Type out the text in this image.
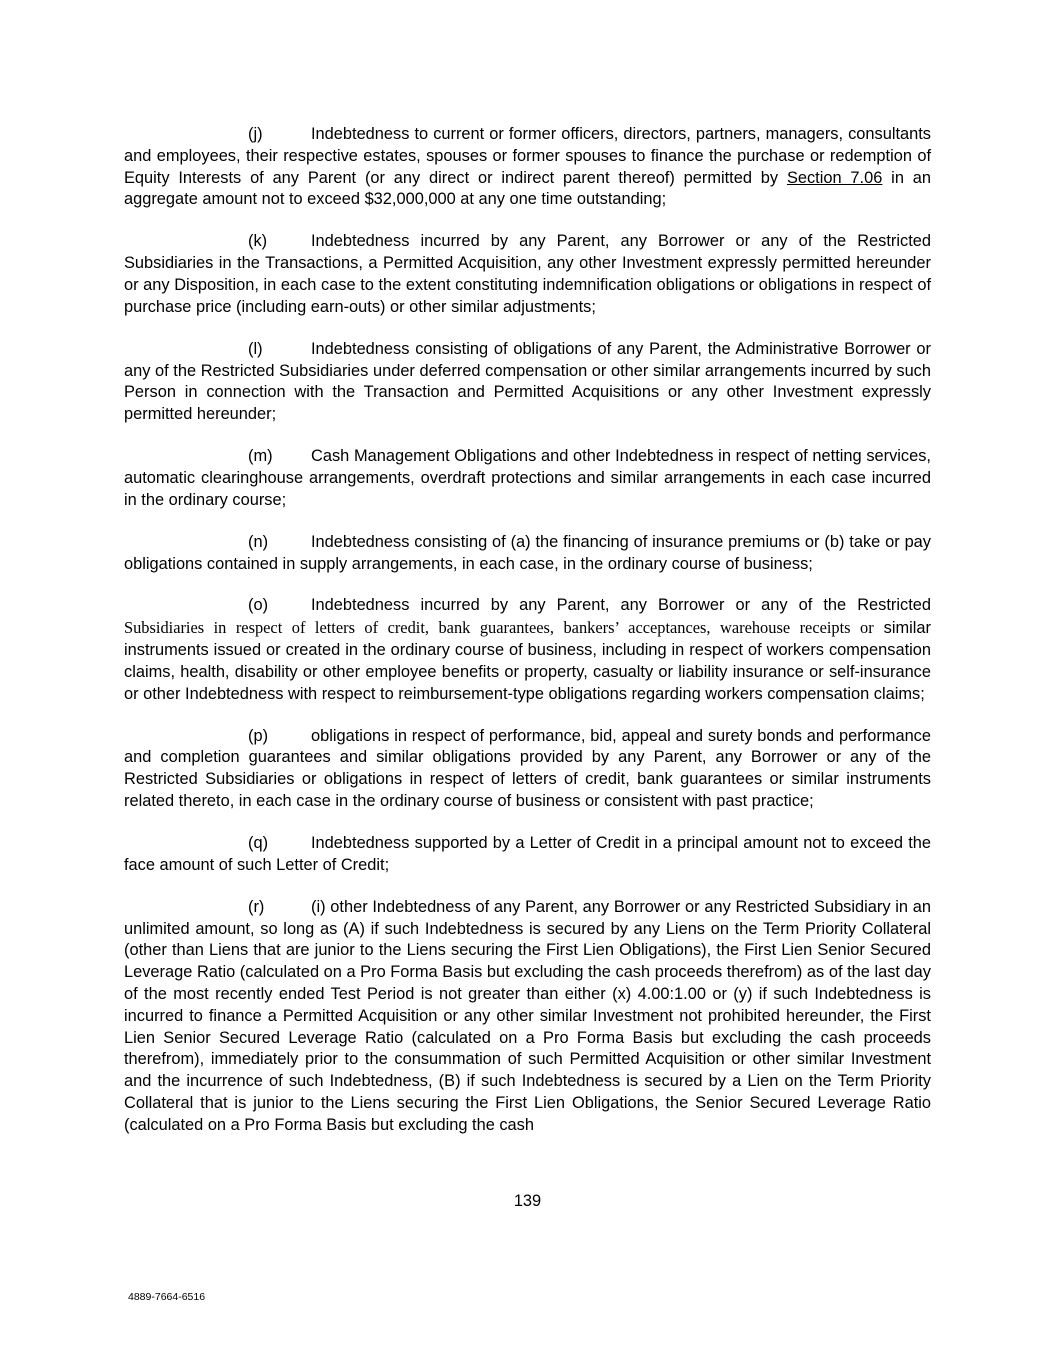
(j)	Indebtedness to current or former officers, directors, partners, managers, consultants and employees, their respective estates, spouses or former spouses to finance the purchase or redemption of Equity Interests of any Parent (or any direct or indirect parent thereof) permitted by Section 7.06 in an aggregate amount not to exceed $32,000,000 at any one time outstanding;

(k)	Indebtedness incurred by any Parent, any Borrower or any of the Restricted Subsidiaries in the Transactions, a Permitted Acquisition, any other Investment expressly permitted hereunder or any Disposition, in each case to the extent constituting indemnification obligations or obligations in respect of purchase price (including earn-outs) or other similar adjustments;

(l)	Indebtedness consisting of obligations of any Parent, the Administrative Borrower or any of the Restricted Subsidiaries under deferred compensation or other similar arrangements incurred by such Person in connection with the Transaction and Permitted Acquisitions or any other Investment expressly permitted hereunder;

(m) Cash Management Obligations and other Indebtedness in respect of netting services, automatic clearinghouse arrangements, overdraft protections and similar arrangements in each case incurred in the ordinary course;

(n)	Indebtedness consisting of (a) the financing of insurance premiums or (b) take or pay obligations contained in supply arrangements, in each case, in the ordinary course of business;

(o)	Indebtedness incurred by any Parent, any Borrower or any of the Restricted Subsidiaries in respect of letters of credit, bank guarantees, bankers’ acceptances, warehouse receipts or similar instruments issued or created in the ordinary course of business, including in respect of workers compensation claims, health, disability or other employee benefits or property, casualty or liability insurance or self-insurance or other Indebtedness with respect to reimbursement-type obligations regarding workers compensation claims;

(p)	obligations in respect of performance, bid, appeal and surety bonds and performance and completion guarantees and similar obligations provided by any Parent, any Borrower or any of the Restricted Subsidiaries or obligations in respect of letters of credit, bank guarantees or similar instruments related thereto, in each case in the ordinary course of business or consistent with past practice;

(q)	Indebtedness supported by a Letter of Credit in a principal amount not to exceed the face amount of such Letter of Credit;

(r)	(i) other Indebtedness of any Parent, any Borrower or any Restricted Subsidiary in an unlimited amount, so long as (A) if such Indebtedness is secured by any Liens on the Term Priority Collateral (other than Liens that are junior to the Liens securing the First Lien Obligations), the First Lien Senior Secured Leverage Ratio (calculated on a Pro Forma Basis but excluding the cash proceeds therefrom) as of the last day of the most recently ended Test Period is not greater than either (x) 4.00:1.00 or (y) if such Indebtedness is incurred to finance a Permitted Acquisition or any other similar Investment not prohibited hereunder, the First Lien Senior Secured Leverage Ratio (calculated on a Pro Forma Basis but excluding the cash proceeds therefrom), immediately prior to the consummation of such Permitted Acquisition or other similar Investment and the incurrence of such Indebtedness, (B) if such Indebtedness is secured by a Lien on the Term Priority Collateral that is junior to the Liens securing the First Lien Obligations, the Senior Secured Leverage Ratio (calculated on a Pro Forma Basis but excluding the cash

139
4889-7664-6516
